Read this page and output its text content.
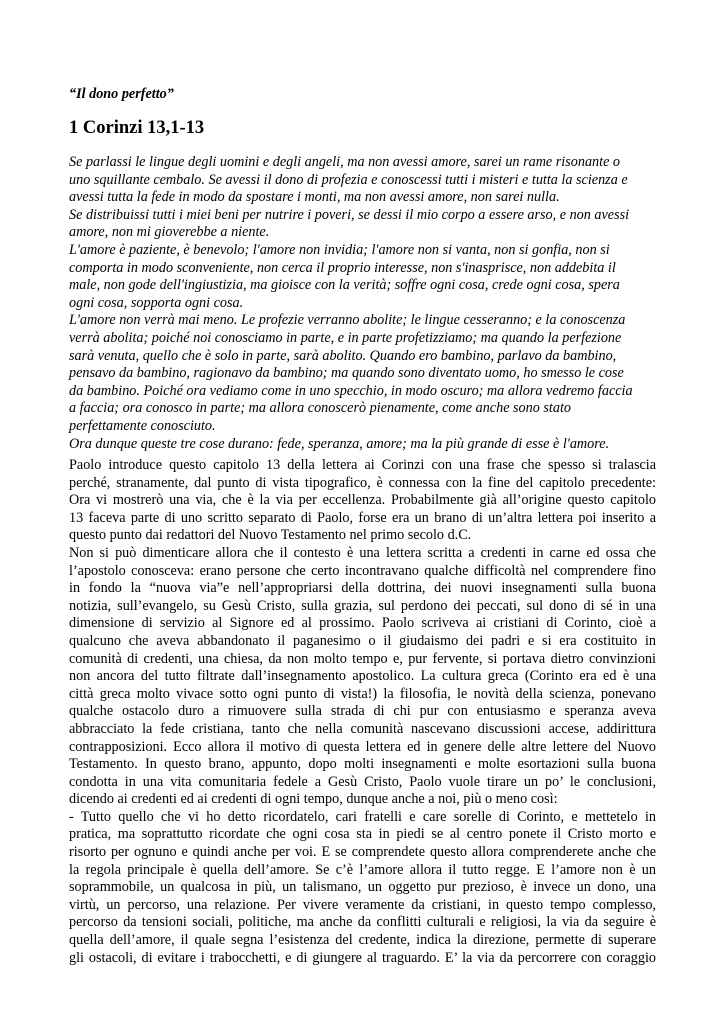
“Il dono perfetto”
1 Corinzi 13,1-13
Se parlassi le lingue degli uomini e degli angeli, ma non avessi amore, sarei un rame risonante o
uno squillante cembalo. Se avessi il dono di profezia e conoscessi tutti i misteri e tutta la scienza e
avessi tutta la fede in modo da spostare i monti, ma non avessi amore, non sarei nulla.
Se distribuissi tutti i miei beni per nutrire i poveri, se dessi il mio corpo a essere arso, e non avessi
amore, non mi gioverebbe a niente.
L'amore è paziente, è benevolo; l'amore non invidia; l'amore non si vanta, non si gonfia, non si
comporta in modo sconveniente, non cerca il proprio interesse, non s'inasprisce, non addebita il
male, non gode dell'ingiustizia, ma gioisce con la verità; soffre ogni cosa, crede ogni cosa, spera
ogni cosa, sopporta ogni cosa.
L'amore non verrà mai meno. Le profezie verranno abolite; le lingue cesseranno; e la conoscenza
verrà abolita; poiché noi conosciamo in parte, e in parte profetizziamo; ma quando la perfezione
sarà venuta, quello che è solo in parte, sarà abolito. Quando ero bambino, parlavo da bambino,
pensavo da bambino, ragionavo da bambino; ma quando sono diventato uomo, ho smesso le cose
da bambino. Poiché ora vediamo come in uno specchio, in modo oscuro; ma allora vedremo faccia
a faccia; ora conosco in parte; ma allora conoscerò pienamente, come anche sono stato
perfettamente conosciuto.
Ora dunque queste tre cose durano: fede, speranza, amore; ma la più grande di esse è l'amore.
Paolo introduce questo capitolo 13 della lettera ai Corinzi con una frase che spesso si tralascia
perché, stranamente, dal punto di vista tipografico, è connessa con la fine del capitolo precedente:
Ora vi mostrerò una via, che è la via per eccellenza. Probabilmente già all’origine questo capitolo
13 faceva parte di uno scritto separato di Paolo, forse era un brano di un’altra lettera poi inserito a
questo punto dai redattori del Nuovo Testamento nel primo secolo d.C.
Non si può dimenticare allora che il contesto è una lettera scritta a credenti in carne ed ossa che
l’apostolo conosceva: erano persone che certo incontravano qualche difficoltà nel comprendere fino
in fondo la “nuova via”e nell’appropriarsi della dottrina, dei nuovi insegnamenti sulla buona
notizia, sull’evangelo, su Gesù Cristo, sulla grazia, sul perdono dei peccati, sul dono di sé in una
dimensione di servizio al Signore ed al prossimo. Paolo scriveva ai cristiani di Corinto, cioè a
qualcuno che aveva abbandonato il paganesimo o il giudaismo dei padri e si era costituito in
comunità di credenti, una chiesa, da non molto tempo e, pur fervente, si portava dietro convinzioni
non ancora del tutto filtrate dall’insegnamento apostolico. La cultura greca (Corinto era ed è una
città greca molto vivace sotto ogni punto di vista!) la filosofia, le novità della scienza, ponevano
qualche ostacolo duro a rimuovere sulla strada di chi pur con entusiasmo e speranza aveva
abbracciato la fede cristiana, tanto che nella comunità nascevano discussioni accese, addirittura
contrapposizioni. Ecco allora il motivo di questa lettera ed in genere delle altre lettere del Nuovo
Testamento. In questo brano, appunto, dopo molti insegnamenti e molte esortazioni sulla buona
condotta in una vita comunitaria fedele a Gesù Cristo, Paolo vuole tirare un po’ le conclusioni,
dicendo ai credenti ed ai credenti di ogni tempo, dunque anche a noi, più o meno così:
- Tutto quello che vi ho detto ricordatelo, cari fratelli e care sorelle di Corinto, e mettetelo in
pratica, ma soprattutto ricordate che ogni cosa sta in piedi se al centro ponete il Cristo morto e
risorto per ognuno e quindi anche per voi. E se comprendete questo allora comprenderete anche che
la regola principale è quella dell’amore. Se c’è l’amore allora il tutto regge. E l’amore non è un
soprammobile, un qualcosa in più, un talismano, un oggetto pur prezioso, è invece un dono, una
virtù, un percorso, una relazione. Per vivere veramente da cristiani, in questo tempo complesso,
percorso da tensioni sociali, politiche, ma anche da conflitti culturali e religiosi, la via da seguire è
quella dell’amore, il quale segna l’esistenza del credente, indica la direzione, permette di superare
gli ostacoli, di evitare i trabocchetti, e di giungere al traguardo. E’ la via da percorrere con coraggio
